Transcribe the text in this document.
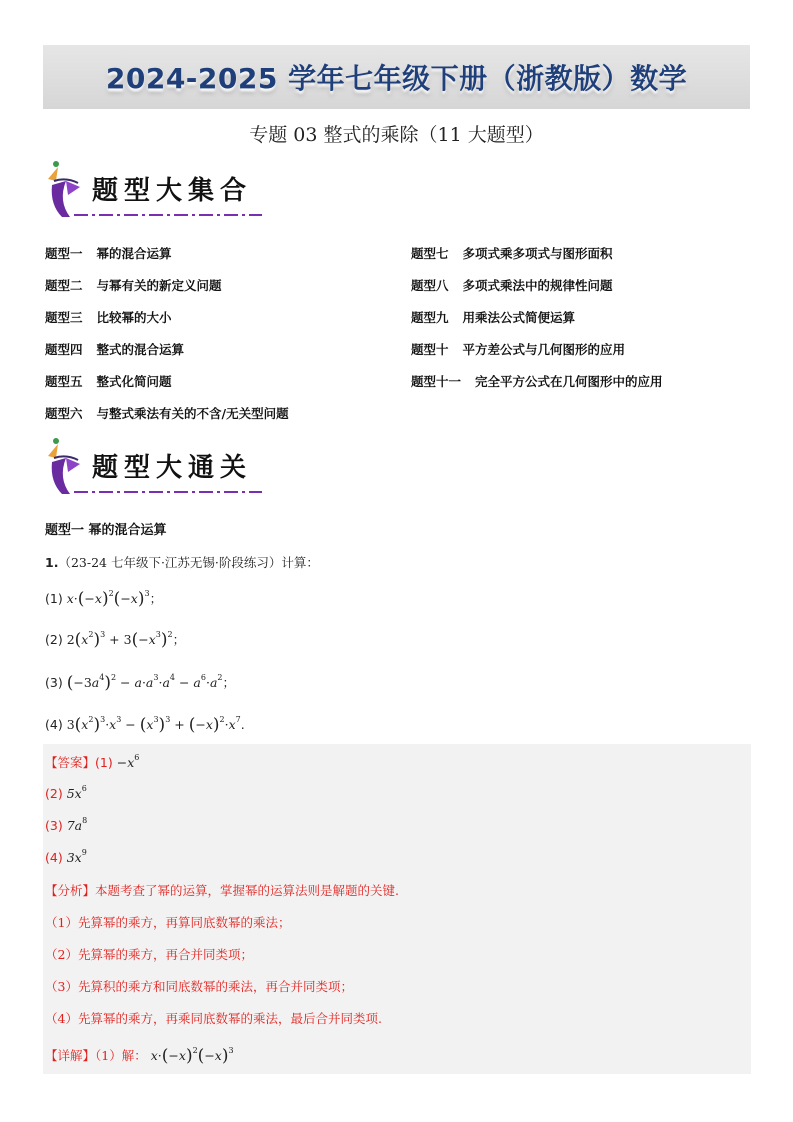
2024-2025 学年七年级下册（浙教版）数学
专题 03 整式的乘除（11 大题型）
题型大集合
题型一 幂的混合运算
题型二 与幂有关的新定义问题
题型三 比较幂的大小
题型四 整式的混合运算
题型五 整式化简问题
题型六 与整式乘法有关的不含/无关型问题
题型七 多项式乘多项式与图形面积
题型八 多项式乘法中的规律性问题
题型九 用乘法公式简便运算
题型十 平方差公式与几何图形的应用
题型十一 完全平方公式在几何图形中的应用
题型大通关
题型一 幂的混合运算
1.（23-24 七年级下·江苏无锡·阶段练习）计算：
(1) $x\cdot(-x)^2(-x)^3$；
(2) $2(x^2)^3 + 3(-x^3)^2$；
(3) $(-3a^4)^2 - a\cdot a^3\cdot a^4 - a^6\cdot a^2$；
(4) $3(x^2)^3\cdot x^3 - (x^3)^3 + (-x)^2\cdot x^7$.
【答案】$(1) -x^6$
(2) $5x^6$
(3) $7a^8$
(4) $3x^9$
【分析】本题考查了幂的运算，掌握幂的运算法则是解题的关键.
（1）先算幂的乘方，再算同底数幂的乘法；
（2）先算幂的乘方，再合并同类项；
（3）先算积的乘方和同底数幂的乘法，再合并同类项；
（4）先算幂的乘方，再乘同底数幂的乘法，最后合并同类项.
【详解】（1）解： $x\cdot(-x)^2(-x)^3$
